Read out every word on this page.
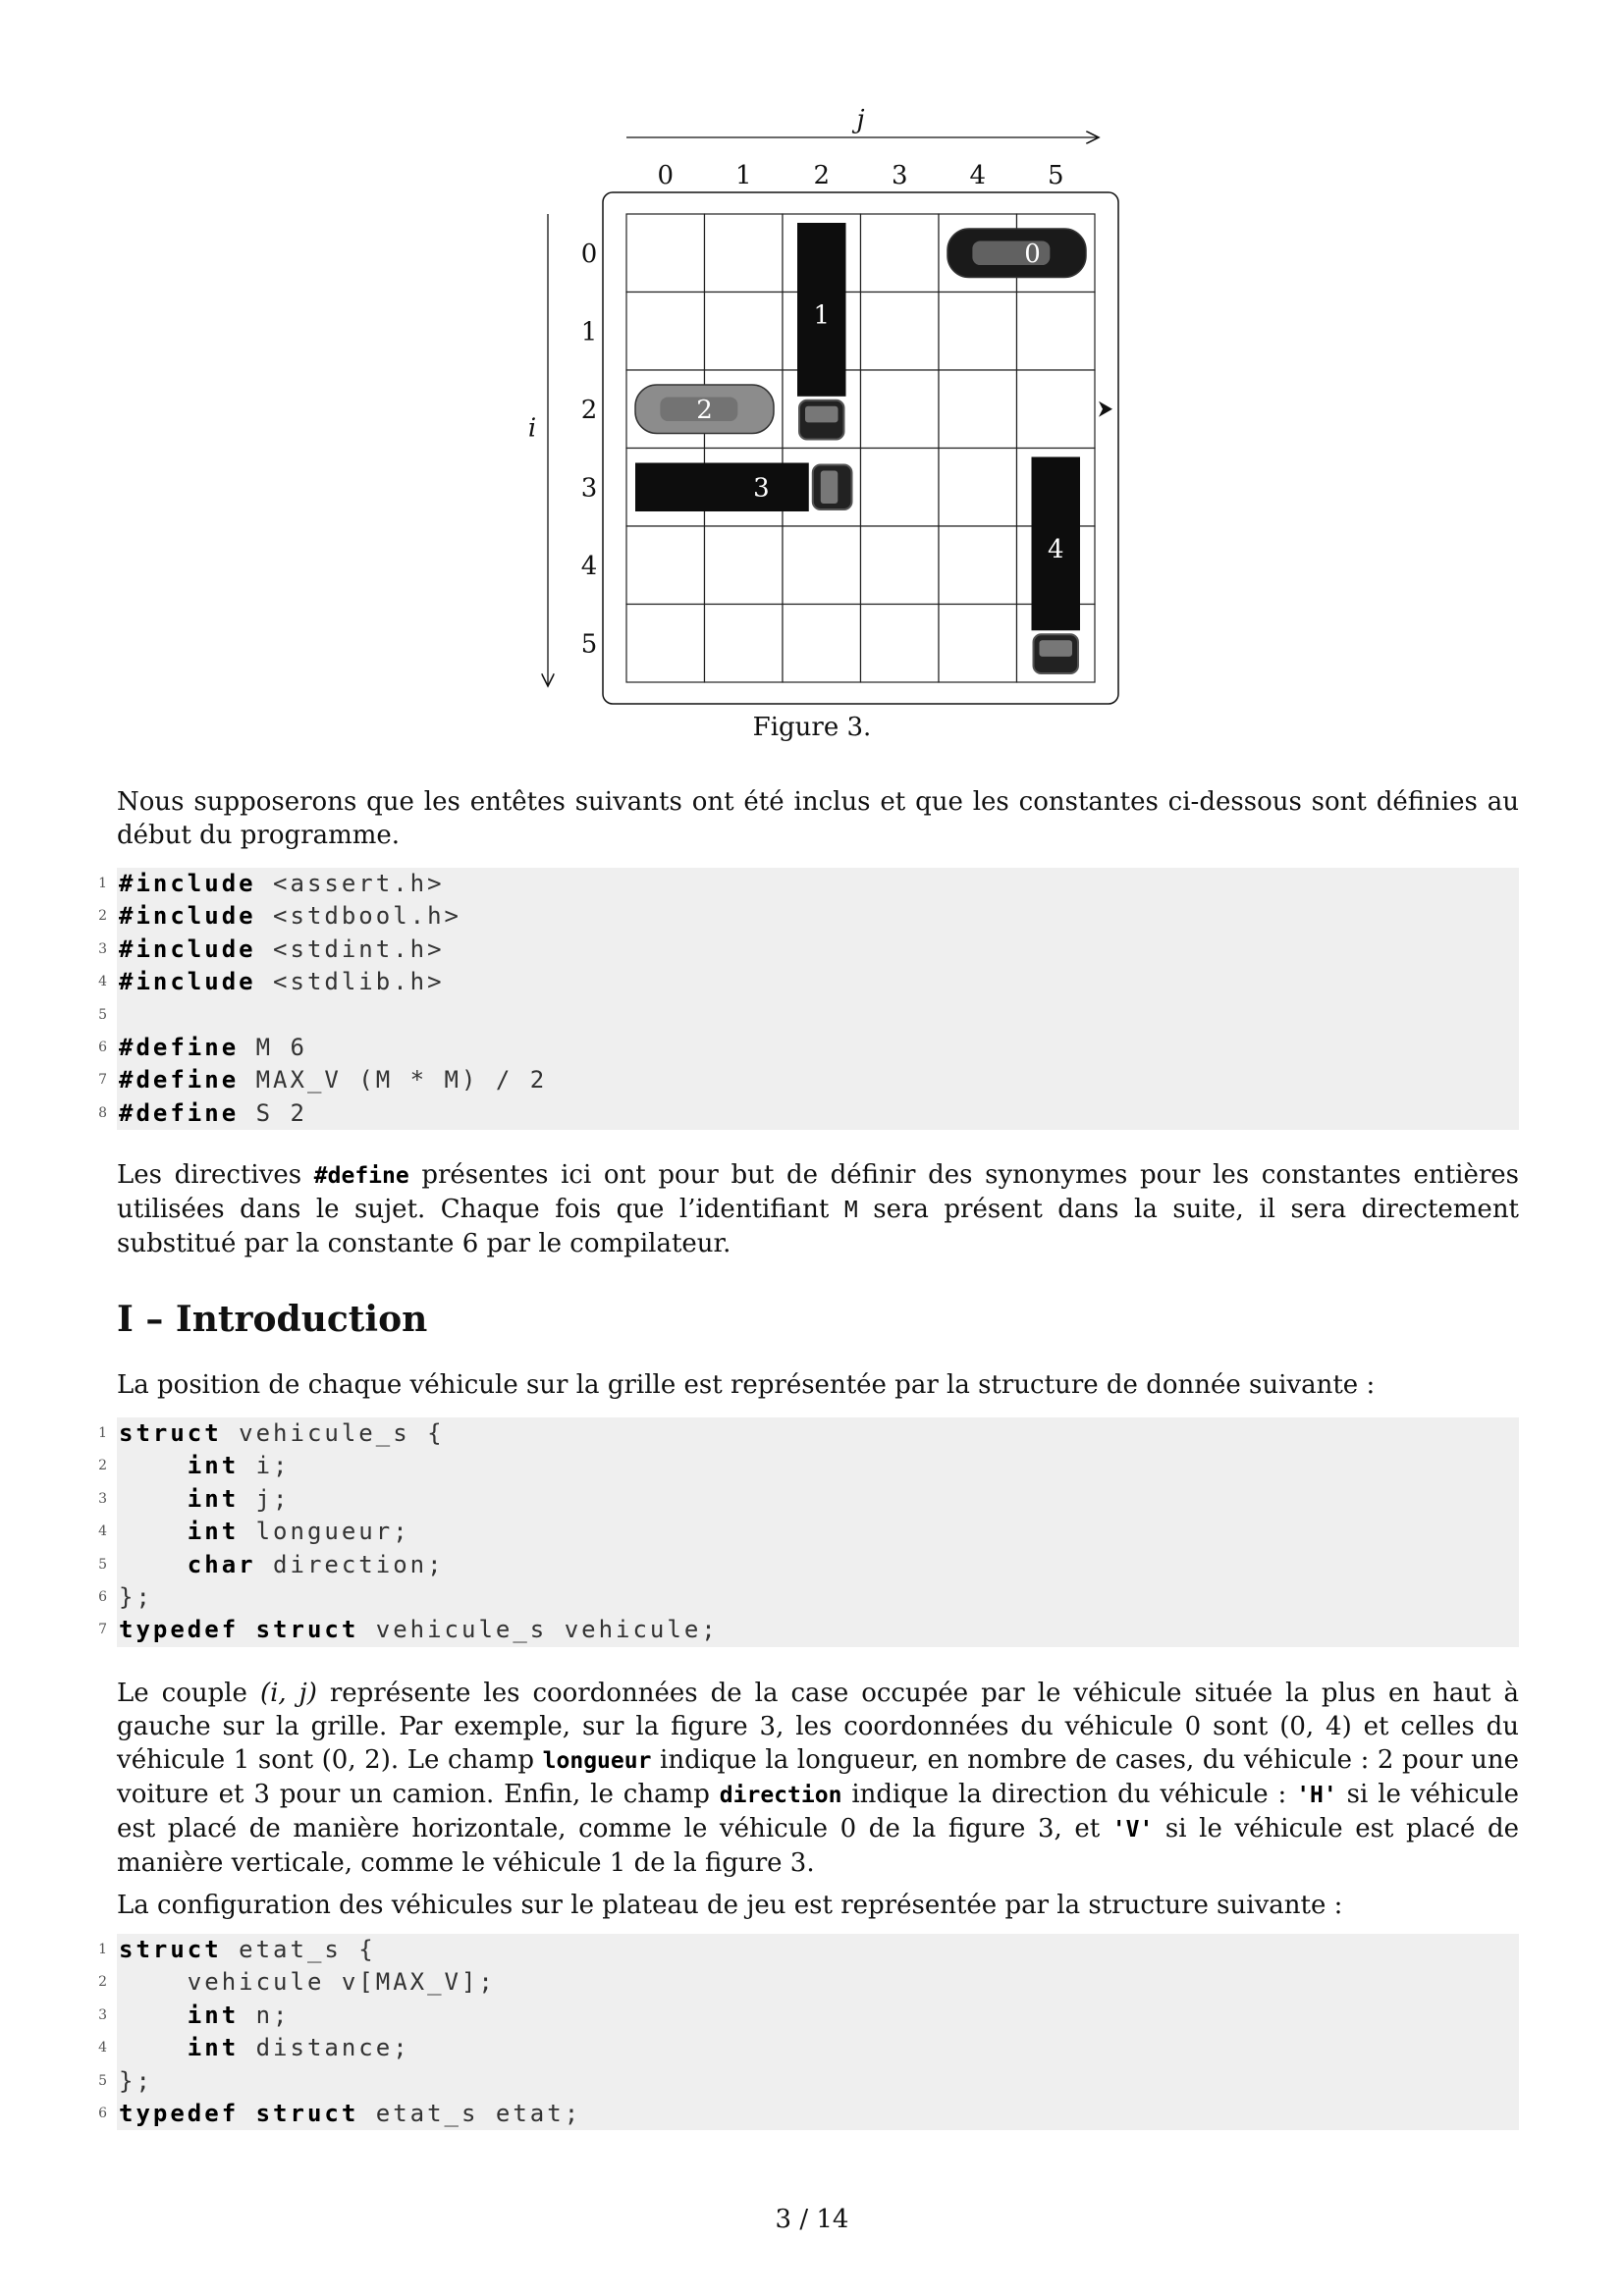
j
i
0 1 2 3 4 5
0
1
2
3
4
5
0
1
2
3
4
Figure 3.

Nous supposerons que les entêtes suivants ont été inclus et que les constantes ci-dessous sont définies au début du programme.

1 #include <assert.h>
2 #include <stdbool.h>
3 #include <stdint.h>
4 #include <stdlib.h>
5
6 #define M 6
7 #define MAX_V (M * M) / 2
8 #define S 2

Les directives #define présentes ici ont pour but de définir des synonymes pour les constantes entières utilisées dans le sujet. Chaque fois que l’identifiant M sera présent dans la suite, il sera directement substitué par la constante 6 par le compilateur.

I – Introduction

La position de chaque véhicule sur la grille est représentée par la structure de donnée suivante :

1 struct vehicule_s {
2	int i;
3	int j;
4	int longueur;
5	char direction;
6 };
7 typedef struct vehicule_s vehicule;

Le couple (i, j) représente les coordonnées de la case occupée par le véhicule située la plus en haut à gauche sur la grille. Par exemple, sur la figure 3, les coordonnées du véhicule 0 sont (0, 4) et celles du véhicule 1 sont (0, 2). Le champ longueur indique la longueur, en nombre de cases, du véhicule : 2 pour une voiture et 3 pour un camion. Enfin, le champ direction indique la direction du véhicule : 'H' si le véhicule est placé de manière horizontale, comme le véhicule 0 de la figure 3, et 'V' si le véhicule est placé de manière verticale, comme le véhicule 1 de la figure 3.

La configuration des véhicules sur le plateau de jeu est représentée par la structure suivante :

1 struct etat_s {
2	vehicule v[MAX_V];
3	int n;
4	int distance;
5 };
6 typedef struct etat_s etat;
3 / 14
